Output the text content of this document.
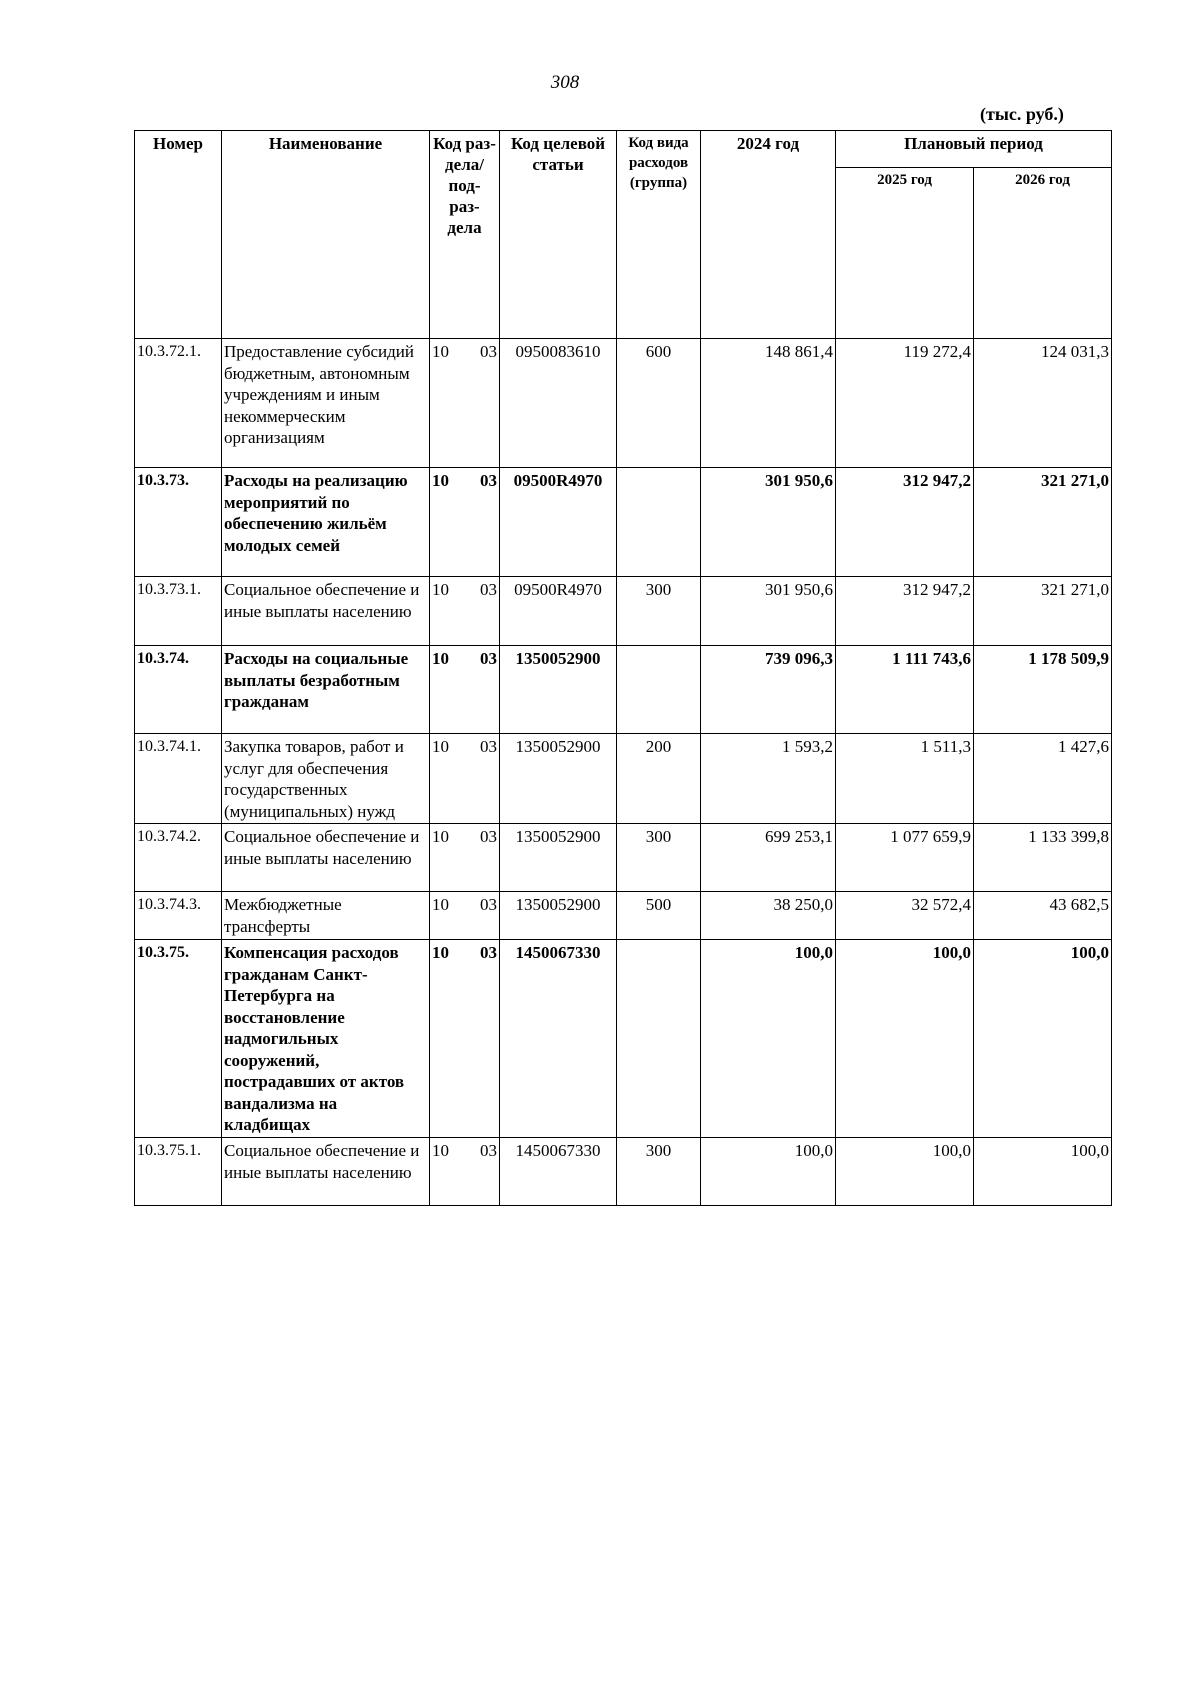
308
(тыс. руб.)
Номер	Наименование	Код раз- дела/ под- раз- дела	Код целевой статьи	Код вида расходов (группа)	2024 год	Плановый период	
						2025 год	2026 год
10.3.72.1.	Предоставление субсидий бюджетным, автономным учреждениям и иным некоммерческим организациям	10 03	0950083610	600	148 861,4	119 272,4	124 031,3
10.3.73.	Расходы на реализацию мероприятий по обеспечению жильём молодых семей	10 03	09500R4970		301 950,6	312 947,2	321 271,0
10.3.73.1.	Социальное обеспечение и иные выплаты населению	10 03	09500R4970	300	301 950,6	312 947,2	321 271,0
10.3.74.	Расходы на социальные выплаты безработным гражданам	10 03	1350052900		739 096,3	1 111 743,6	1 178 509,9
10.3.74.1.	Закупка товаров, работ и услуг для обеспечения государственных (муниципальных) нужд	10 03	1350052900	200	1 593,2	1 511,3	1 427,6
10.3.74.2.	Социальное обеспечение и иные выплаты населению	10 03	1350052900	300	699 253,1	1 077 659,9	1 133 399,8
10.3.74.3.	Межбюджетные трансферты	10 03	1350052900	500	38 250,0	32 572,4	43 682,5
10.3.75.	Компенсация расходов гражданам Санкт-Петербурга на восстановление надмогильных сооружений, пострадавших от актов вандализма на кладбищах	10 03	1450067330		100,0	100,0	100,0
10.3.75.1.	Социальное обеспечение и иные выплаты населению	10 03	1450067330	300	100,0	100,0	100,0
